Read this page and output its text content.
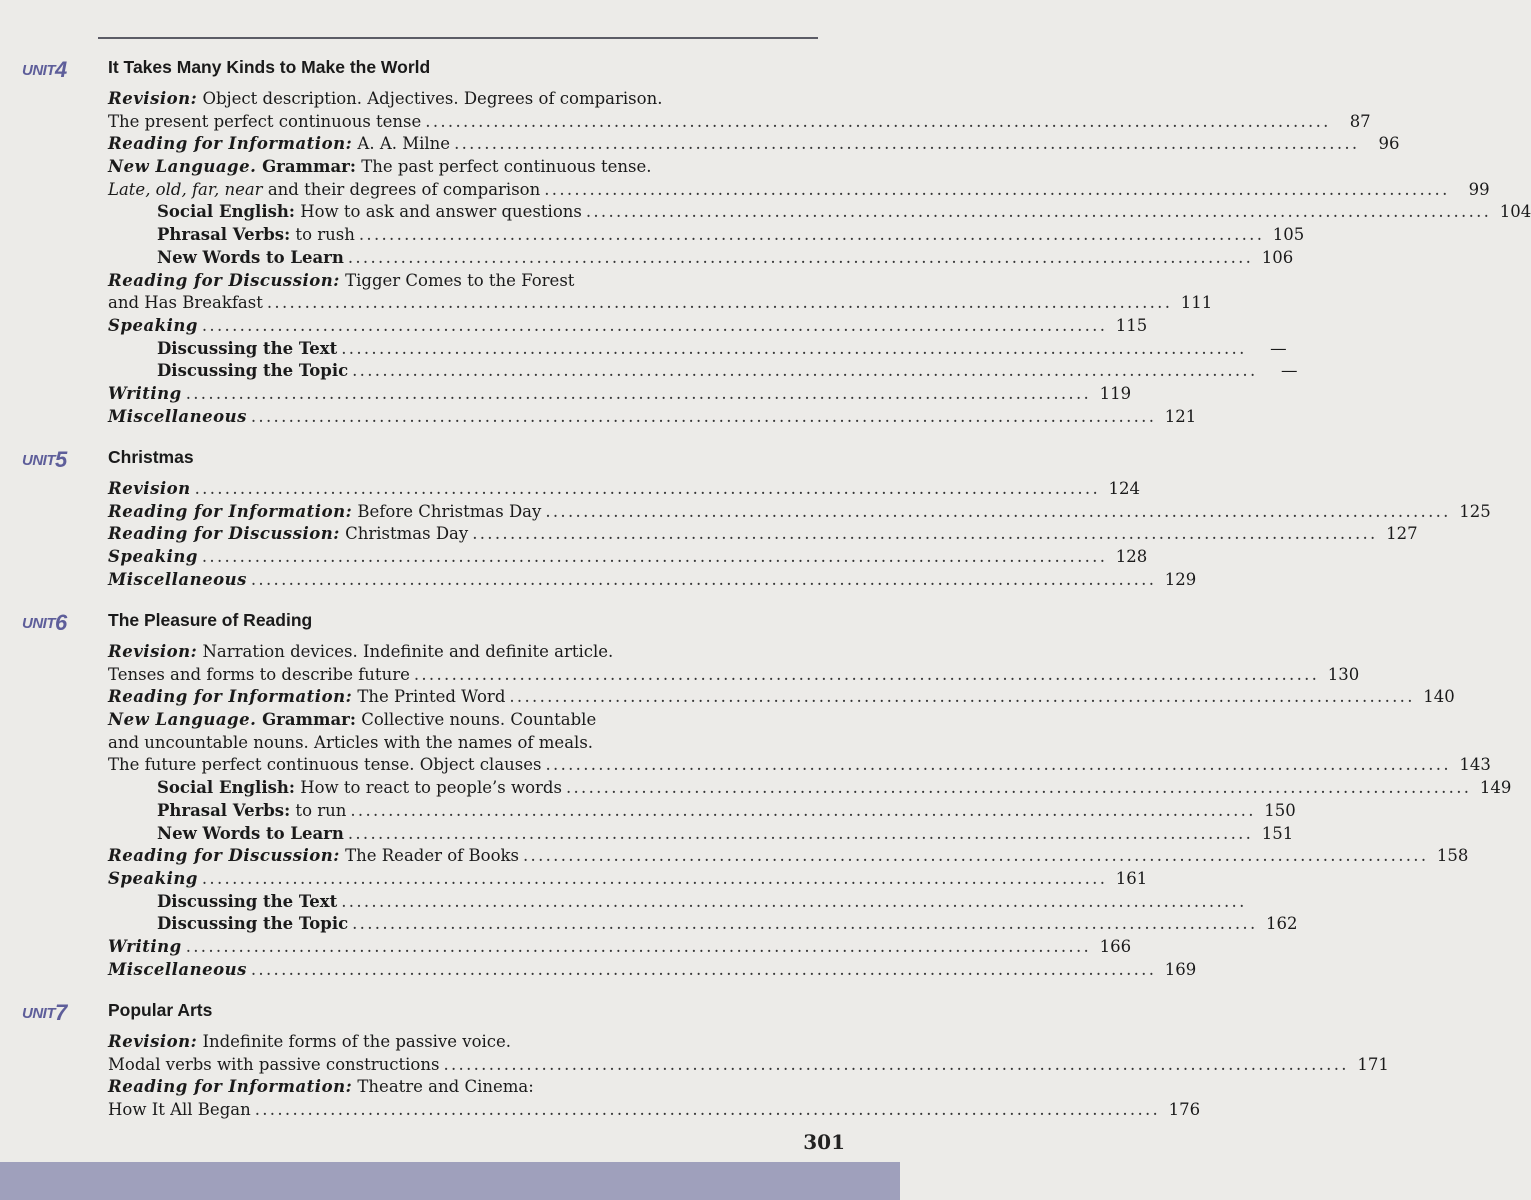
UNIT4 It Takes Many Kinds to Make the World
Revision: Object description. Adjectives. Degrees of comparison.
The present perfect continuous tense ........................................................................................................................	87
Reading for Information: A. A. Milne ........................................................................................................................	96
New Language. Grammar: The past perfect continuous tense.
Late, old, far, near and their degrees of comparison ........................................................................................................................	99
Social English: How to ask and answer questions ........................................................................................................................ 104
Phrasal Verbs: to rush ........................................................................................................................ 105
New Words to Learn ........................................................................................................................ 106
Reading for Discussion: Tigger Comes to the Forest
and Has Breakfast ........................................................................................................................ 111
Speaking ........................................................................................................................ 115
Discussing the Text ........................................................................................................................	—
Discussing the Topic ........................................................................................................................	—
Writing ........................................................................................................................ 119
Miscellaneous ........................................................................................................................ 121
UNIT5 Christmas
Revision ........................................................................................................................ 124
Reading for Information: Before Christmas Day ........................................................................................................................ 125
Reading for Discussion: Christmas Day ........................................................................................................................ 127
Speaking ........................................................................................................................ 128
Miscellaneous ........................................................................................................................ 129
UNIT6 The Pleasure of Reading
Revision: Narration devices. Indefinite and definite article.
Tenses and forms to describe future ........................................................................................................................ 130
Reading for Information: The Printed Word ........................................................................................................................ 140
New Language. Grammar: Collective nouns. Countable
and uncountable nouns. Articles with the names of meals.
The future perfect continuous tense. Object clauses ........................................................................................................................ 143
Social English: How to react to people’s words ........................................................................................................................ 149
Phrasal Verbs: to run ........................................................................................................................ 150
New Words to Learn ........................................................................................................................ 151
Reading for Discussion: The Reader of Books ........................................................................................................................ 158
Speaking ........................................................................................................................ 161
Discussing the Text ........................................................................................................................
Discussing the Topic ........................................................................................................................ 162
Writing ........................................................................................................................ 166
Miscellaneous ........................................................................................................................ 169
UNIT7 Popular Arts
Revision: Indefinite forms of the passive voice.
Modal verbs with passive constructions ........................................................................................................................ 171
Reading for Information: Theatre and Cinema:
How It All Began ........................................................................................................................ 176
301
